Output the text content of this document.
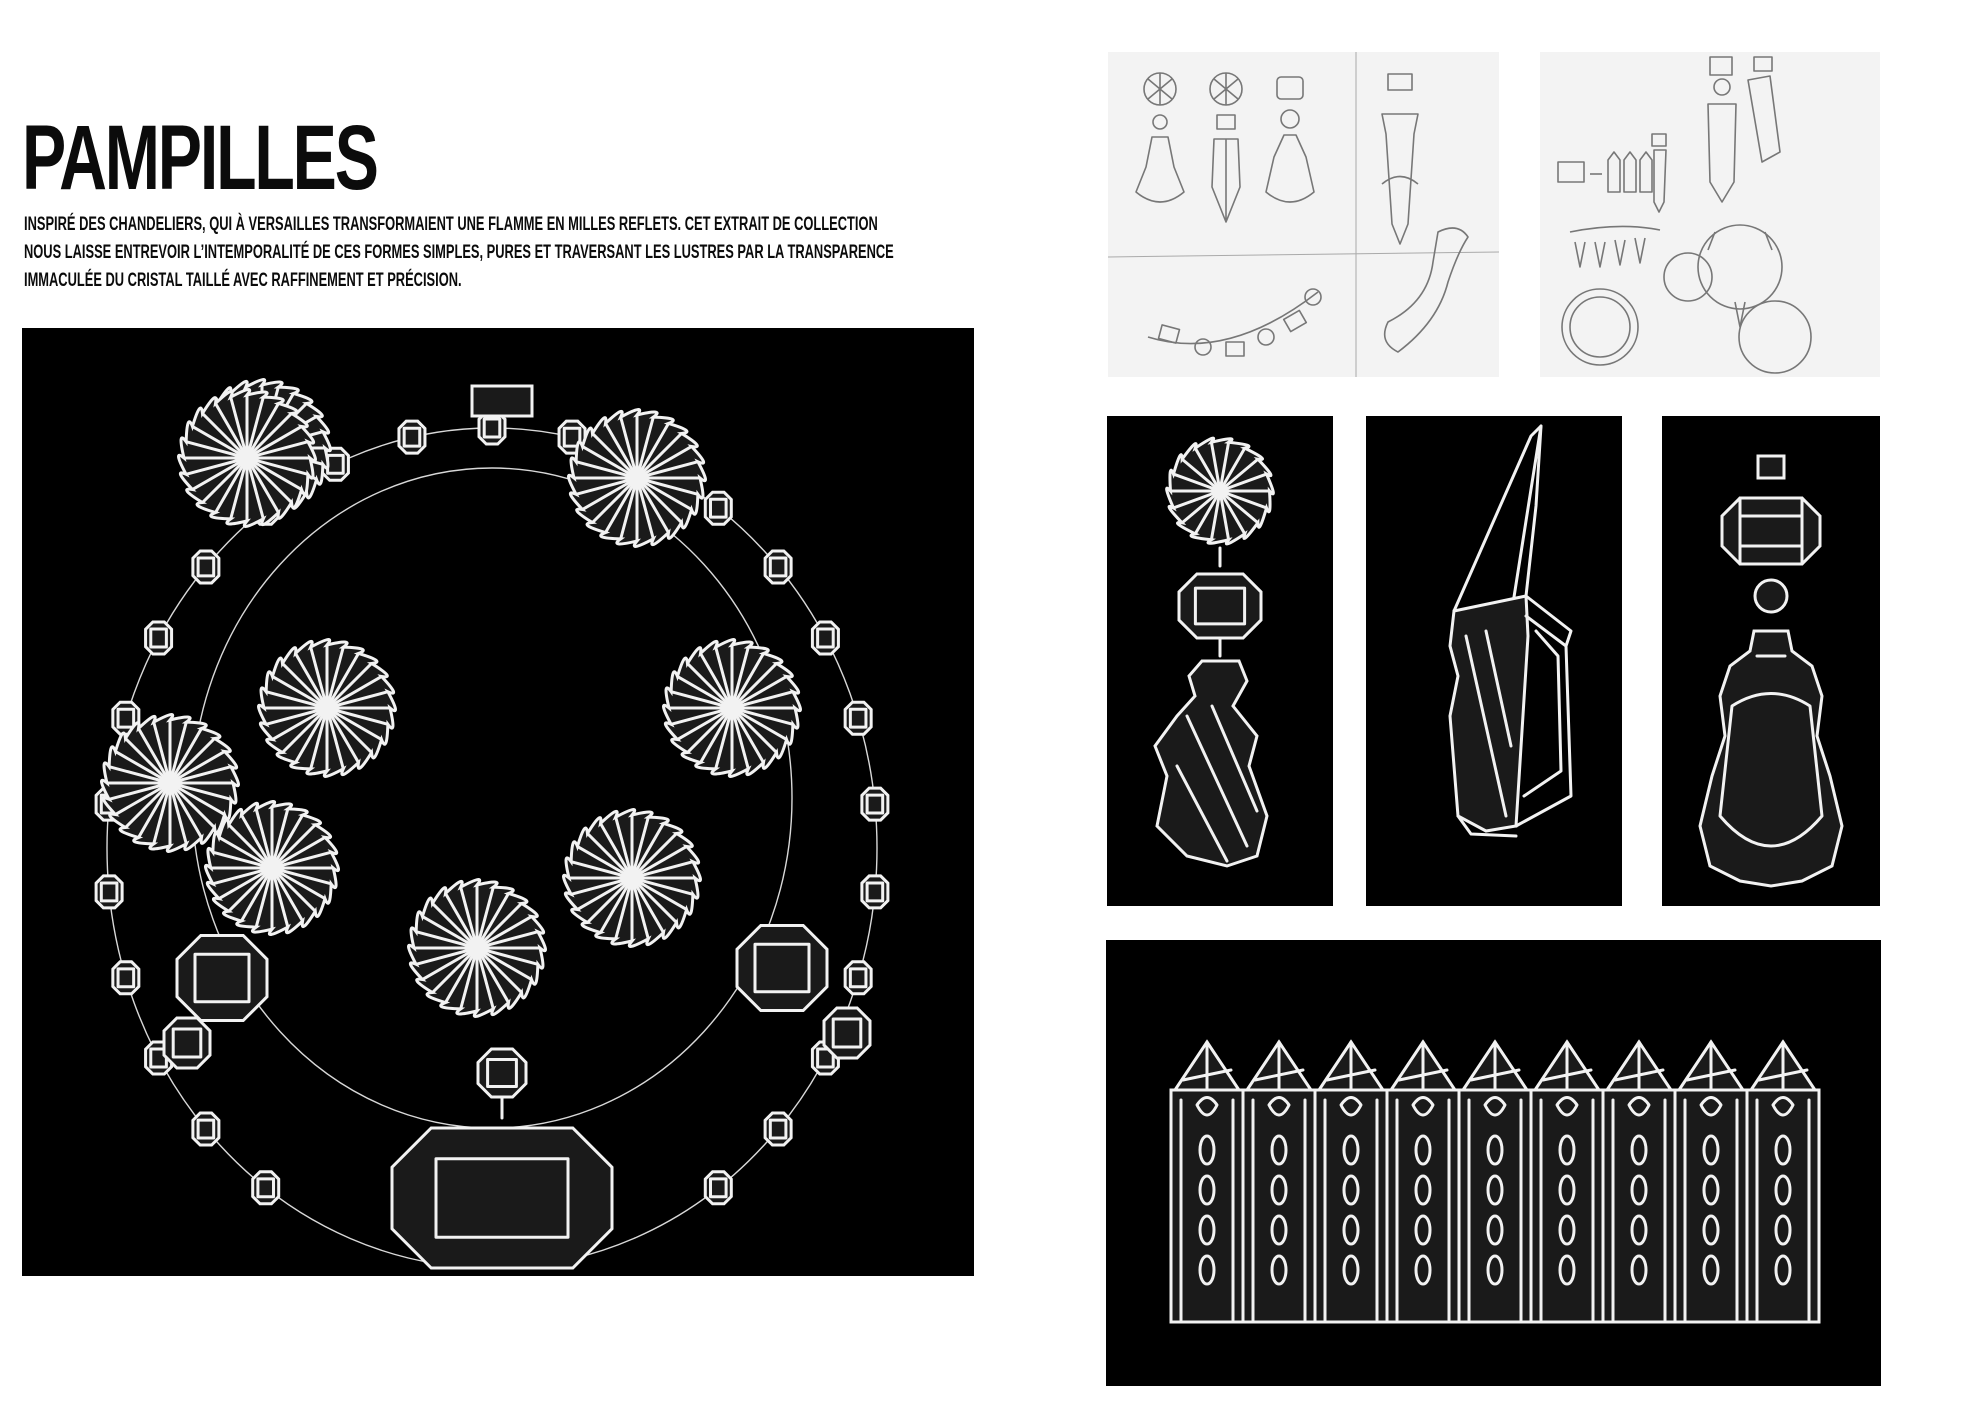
PAMPILLES
INSPIRÉ DES CHANDELIERS, QUI À VERSAILLES TRANSFORMAIENT UNE FLAMME EN MILLES REFLETS. CET EXTRAIT DE COLLECTION NOUS LAISSE ENTREVOIR L’INTEMPORALITÉ DE CES FORMES SIMPLES, PURES ET TRAVERSANT LES LUSTRES PAR LA TRANSPARENCE IMMACULÉE DU CRISTAL TAILLÉ AVEC RAFFINEMENT ET PRÉCISION.
